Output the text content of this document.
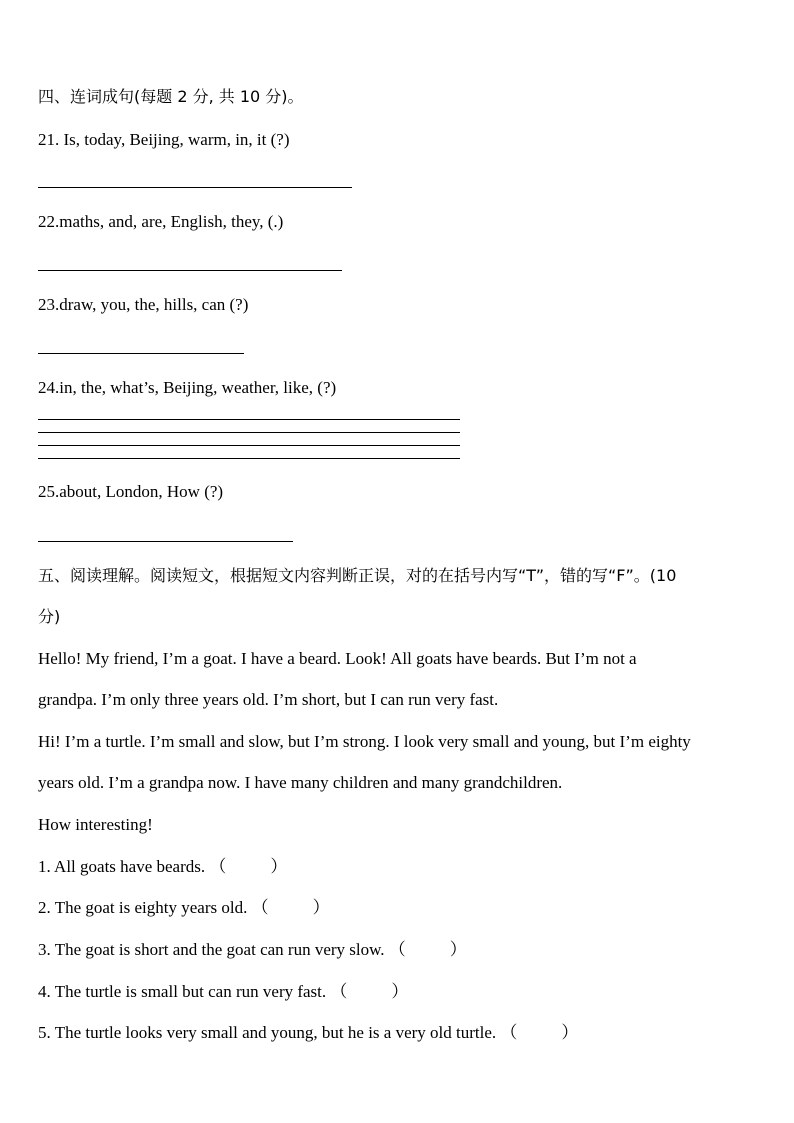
四、连词成句(每题 2 分, 共 10 分)。
21. Is, today, Beijing, warm, in, it (?)
22.maths, and, are, English, they, (.)
23.draw, you, the, hills, can (?)
24.in, the, what’s, Beijing, weather, like, (?)
25.about, London, How (?)
五、阅读理解。阅读短文，根据短文内容判断正误，对的在括号内写“T”，错的写“F”。(10
分)
Hello! My friend, I’m a goat. I have a beard. Look! All goats have beards. But I’m not a
grandpa. I’m only three years old. I’m short, but I can run very fast.
Hi! I’m a turtle. I’m small and slow, but I’m strong. I look very small and young, but I’m eighty
years old. I’m a grandpa now. I have many children and many grandchildren.
How interesting!
1. All goats have beards. （	）
2. The goat is eighty years old. （	）
3. The goat is short and the goat can run very slow. （	）
4. The turtle is small but can run very fast. （	）
5. The turtle looks very small and young, but he is a very old turtle. （	）
